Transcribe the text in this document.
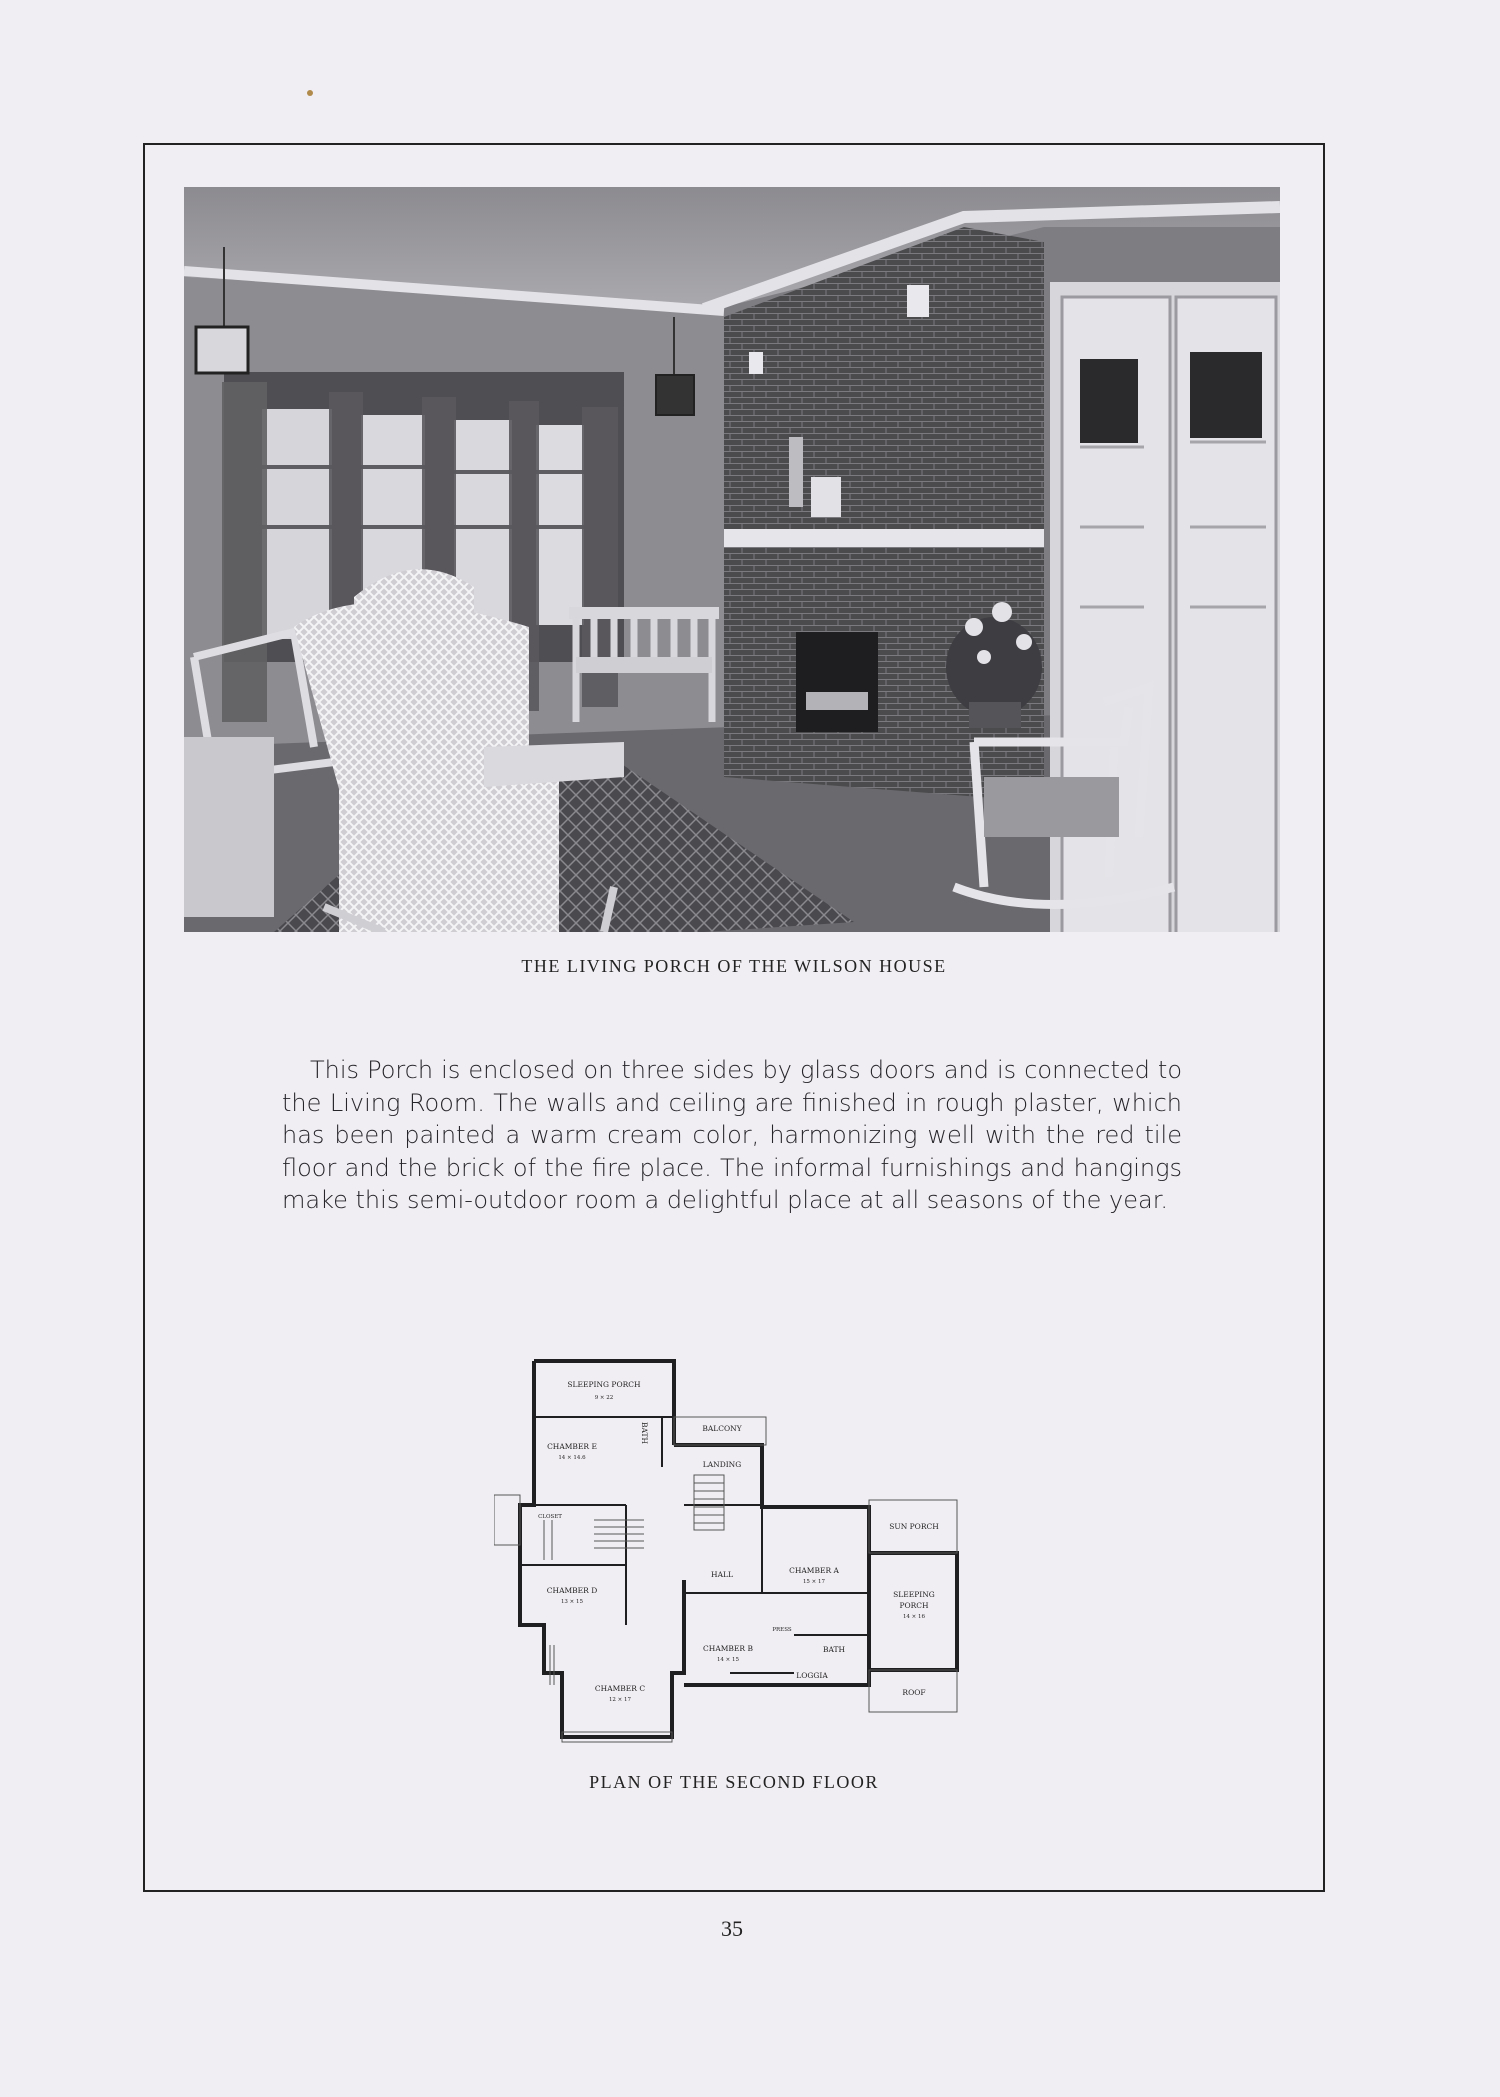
THE LIVING PORCH OF THE WILSON HOUSE

This Porch is enclosed on three sides by glass doors and is connected to the Living Room. The walls and ceiling are finished in rough plaster, which has been painted a warm cream color, harmonizing well with the red tile floor and the brick of the fire place. The informal furnishings and hangings make this semi-outdoor room a delightful place at all seasons of the year.

SLEEPING PORCH
9 × 22
CHAMBER E
14 × 14.6
BATH	BALCONY
LANDING
HALL
CHAMBER D
13 × 15
CHAMBER C
12 × 17
CHAMBER B
14 × 15
CHAMBER A
15 × 17
SUN PORCH
SLEEPING
PORCH
14 × 16
BATH
LOGGIA
ROOF
CLOSET
PRESS
PLAN OF THE SECOND FLOOR
35
